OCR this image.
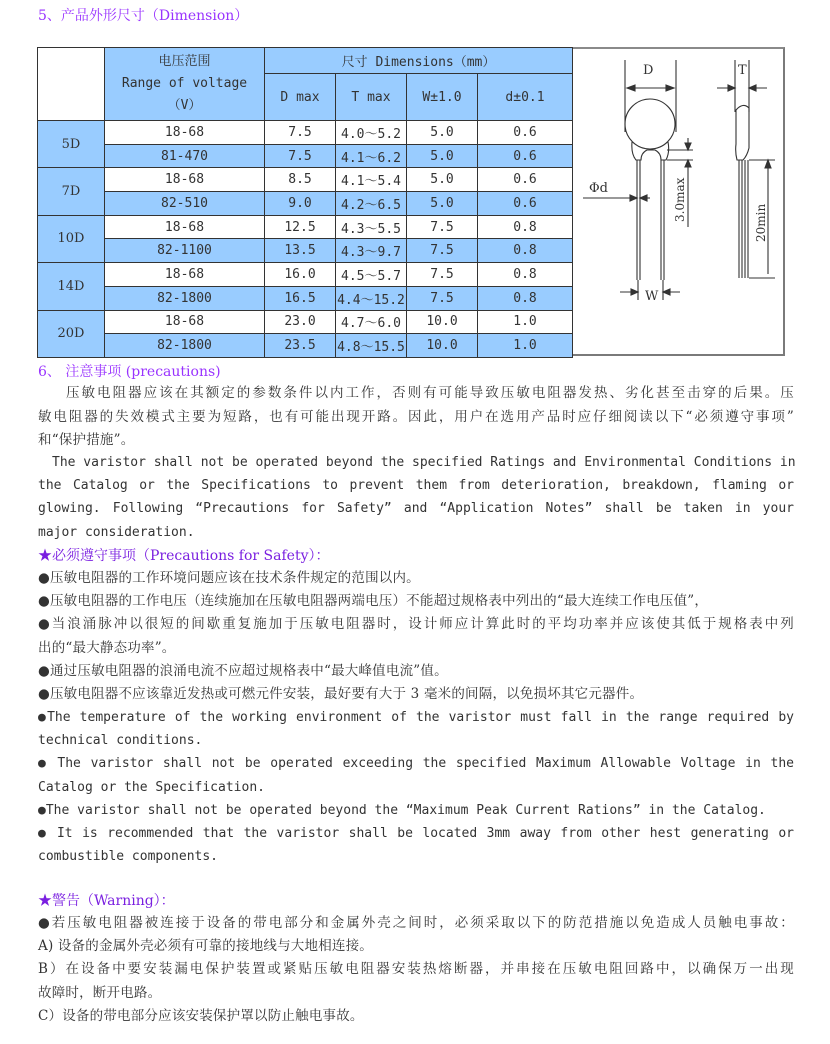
5、产品外形尺寸（Dimension）

	电压范围
Range of voltage
（V）	尺寸 Dimensions（mm）			
		D max	T max	W±1.0	d±0.1
5D	18-68	7.5	4.0～5.2	5.0	0.6
	81-470	7.5	4.1～6.2	5.0	0.6
7D	18-68	8.5	4.1～5.4	5.0	0.6
	82-510	9.0	4.2～6.5	5.0	0.6
10D	18-68	12.5	4.3～5.5	7.5	0.8
	82-1100	13.5	4.3～9.7	7.5	0.8
14D	18-68	16.0	4.5～5.7	7.5	0.8
	82-1800	16.5	4.4～15.2	7.5	0.8
20D	18-68	23.0	4.7～6.0	10.0	1.0
	82-1800	23.5	4.8～15.5	10.0	1.0
D	T
Φd
W
3.0max
20min
6、 注意事项 (precautions)
压敏电阻器应该在其额定的参数条件以内工作，否则有可能导致压敏电阻器发热、劣化甚至击穿的后果。压
敏电阻器的失效模式主要为短路，也有可能出现开路。因此，用户在选用产品时应仔细阅读以下“必须遵守事项”
和“保护措施”。
The varistor shall not be operated beyond the specified Ratings and Environmental Conditions in
the Catalog or the Specifications to prevent them from deterioration, breakdown, flaming or
glowing. Following “Precautions for Safety” and “Application Notes” shall be taken in your
major consideration.
★必须遵守事项（Precautions for Safety）：
●压敏电阻器的工作环境问题应该在技术条件规定的范围以内。
●压敏电阻器的工作电压（连续施加在压敏电阻器两端电压）不能超过规格表中列出的“最大连续工作电压值”，
●当浪涌脉冲以很短的间歇重复施加于压敏电阻器时，设计师应计算此时的平均功率并应该使其低于规格表中列
出的“最大静态功率”。
●通过压敏电阻器的浪涌电流不应超过规格表中“最大峰值电流”值。
●压敏电阻器不应该靠近发热或可燃元件安装，最好要有大于 3 毫米的间隔，以免损坏其它元器件。
●The temperature of the working environment of the varistor must fall in the range required by
technical conditions.
● The varistor shall not be operated exceeding the specified Maximum Allowable Voltage in the
Catalog or the Specification.
●The varistor shall not be operated beyond the “Maximum Peak Current Rations” in the Catalog.
● It is recommended that the varistor shall be located 3mm away from other hest generating or
combustible components.
★警告（Warning）：
●若压敏电阻器被连接于设备的带电部分和金属外壳之间时，必须采取以下的防范措施以免造成人员触电事故：
A) 设备的金属外壳必须有可靠的接地线与大地相连接。
B）在设备中要安装漏电保护装置或紧贴压敏电阻器安装热熔断器，并串接在压敏电阻回路中，以确保万一出现
故障时，断开电路。
C）设备的带电部分应该安装保护罩以防止触电事故。
